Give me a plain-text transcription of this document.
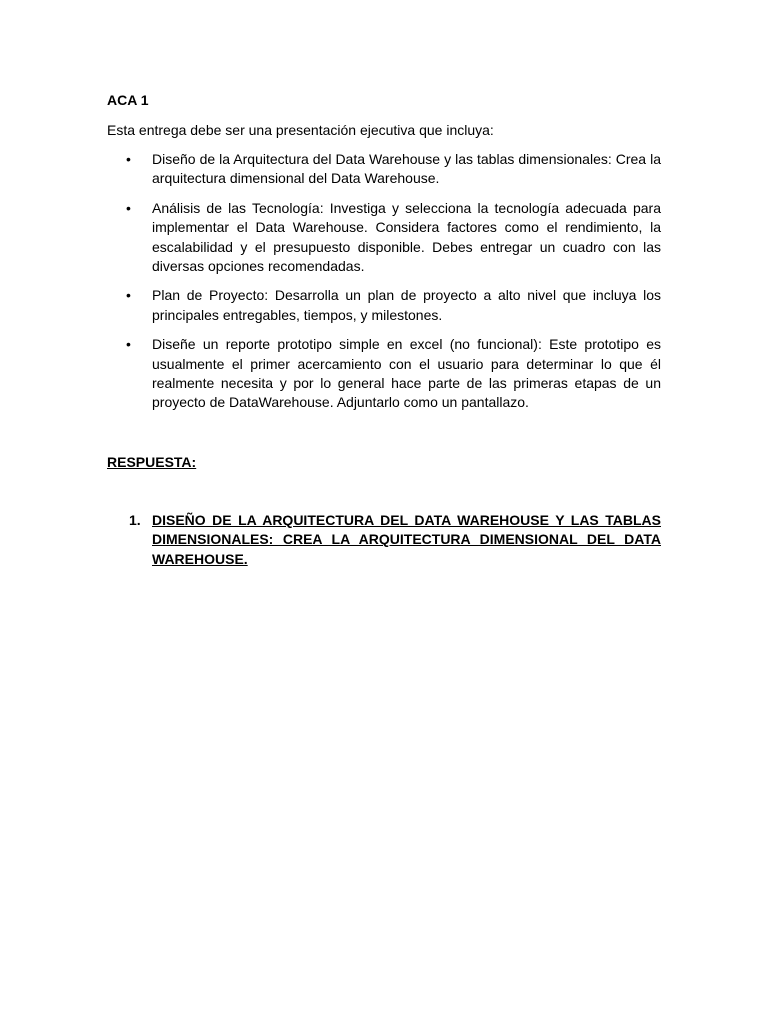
ACA 1

Esta entrega debe ser una presentación ejecutiva que incluya:

• Diseño de la Arquitectura del Data Warehouse y las tablas dimensionales: Crea la arquitectura dimensional del Data Warehouse.
• Análisis de las Tecnología: Investiga y selecciona la tecnología adecuada para implementar el Data Warehouse. Considera factores como el rendimiento, la escalabilidad y el presupuesto disponible. Debes entregar un cuadro con las diversas opciones recomendadas.
• Plan de Proyecto: Desarrolla un plan de proyecto a alto nivel que incluya los principales entregables, tiempos, y milestones.
• Diseñe un reporte prototipo simple en excel (no funcional): Este prototipo es usualmente el primer acercamiento con el usuario para determinar lo que él realmente necesita y por lo general hace parte de las primeras etapas de un proyecto de DataWarehouse. Adjuntarlo como un pantallazo.

RESPUESTA:

1. DISEÑO DE LA ARQUITECTURA DEL DATA WAREHOUSE Y LAS TABLAS DIMENSIONALES: CREA LA ARQUITECTURA DIMENSIONAL DEL DATA WAREHOUSE.
